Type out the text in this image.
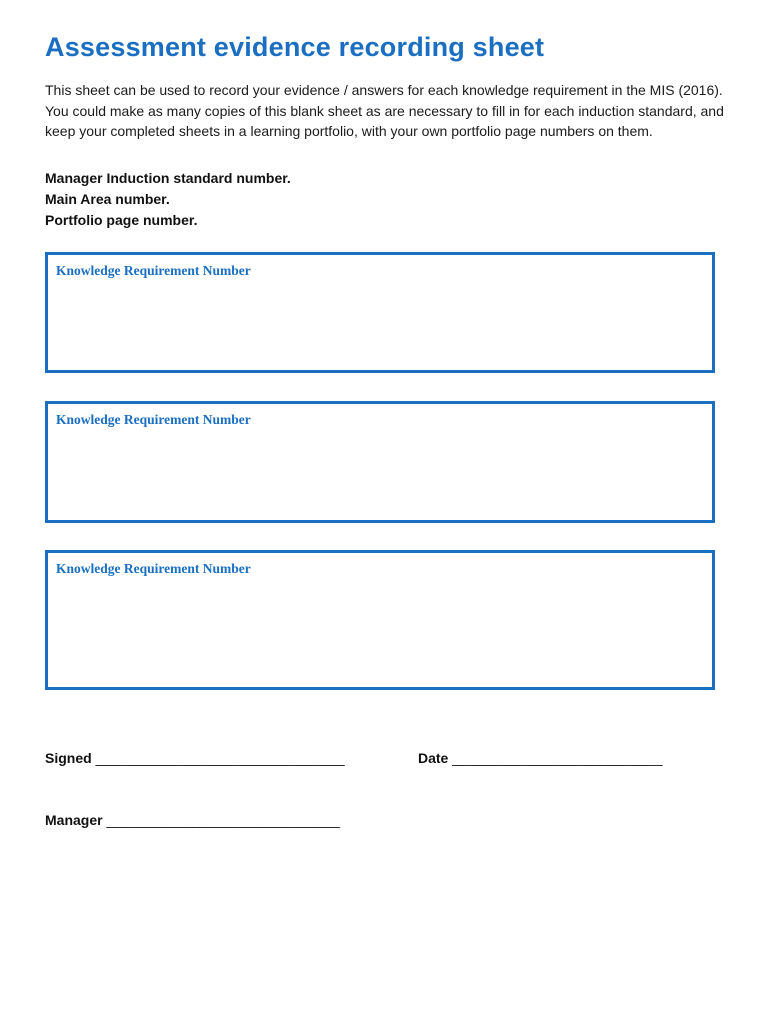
Assessment evidence recording sheet

This sheet can be used to record your evidence / answers for each knowledge requirement in the MIS (2016). You could make as many copies of this blank sheet as are necessary to fill in for each induction standard, and keep your completed sheets in a learning portfolio, with your own portfolio page numbers on them.

Manager Induction standard number.
Main Area number.
Portfolio page number.
Knowledge Requirement Number
Knowledge Requirement Number
Knowledge Requirement Number
Signed ________________________________	Date ___________________________
Manager ______________________________
